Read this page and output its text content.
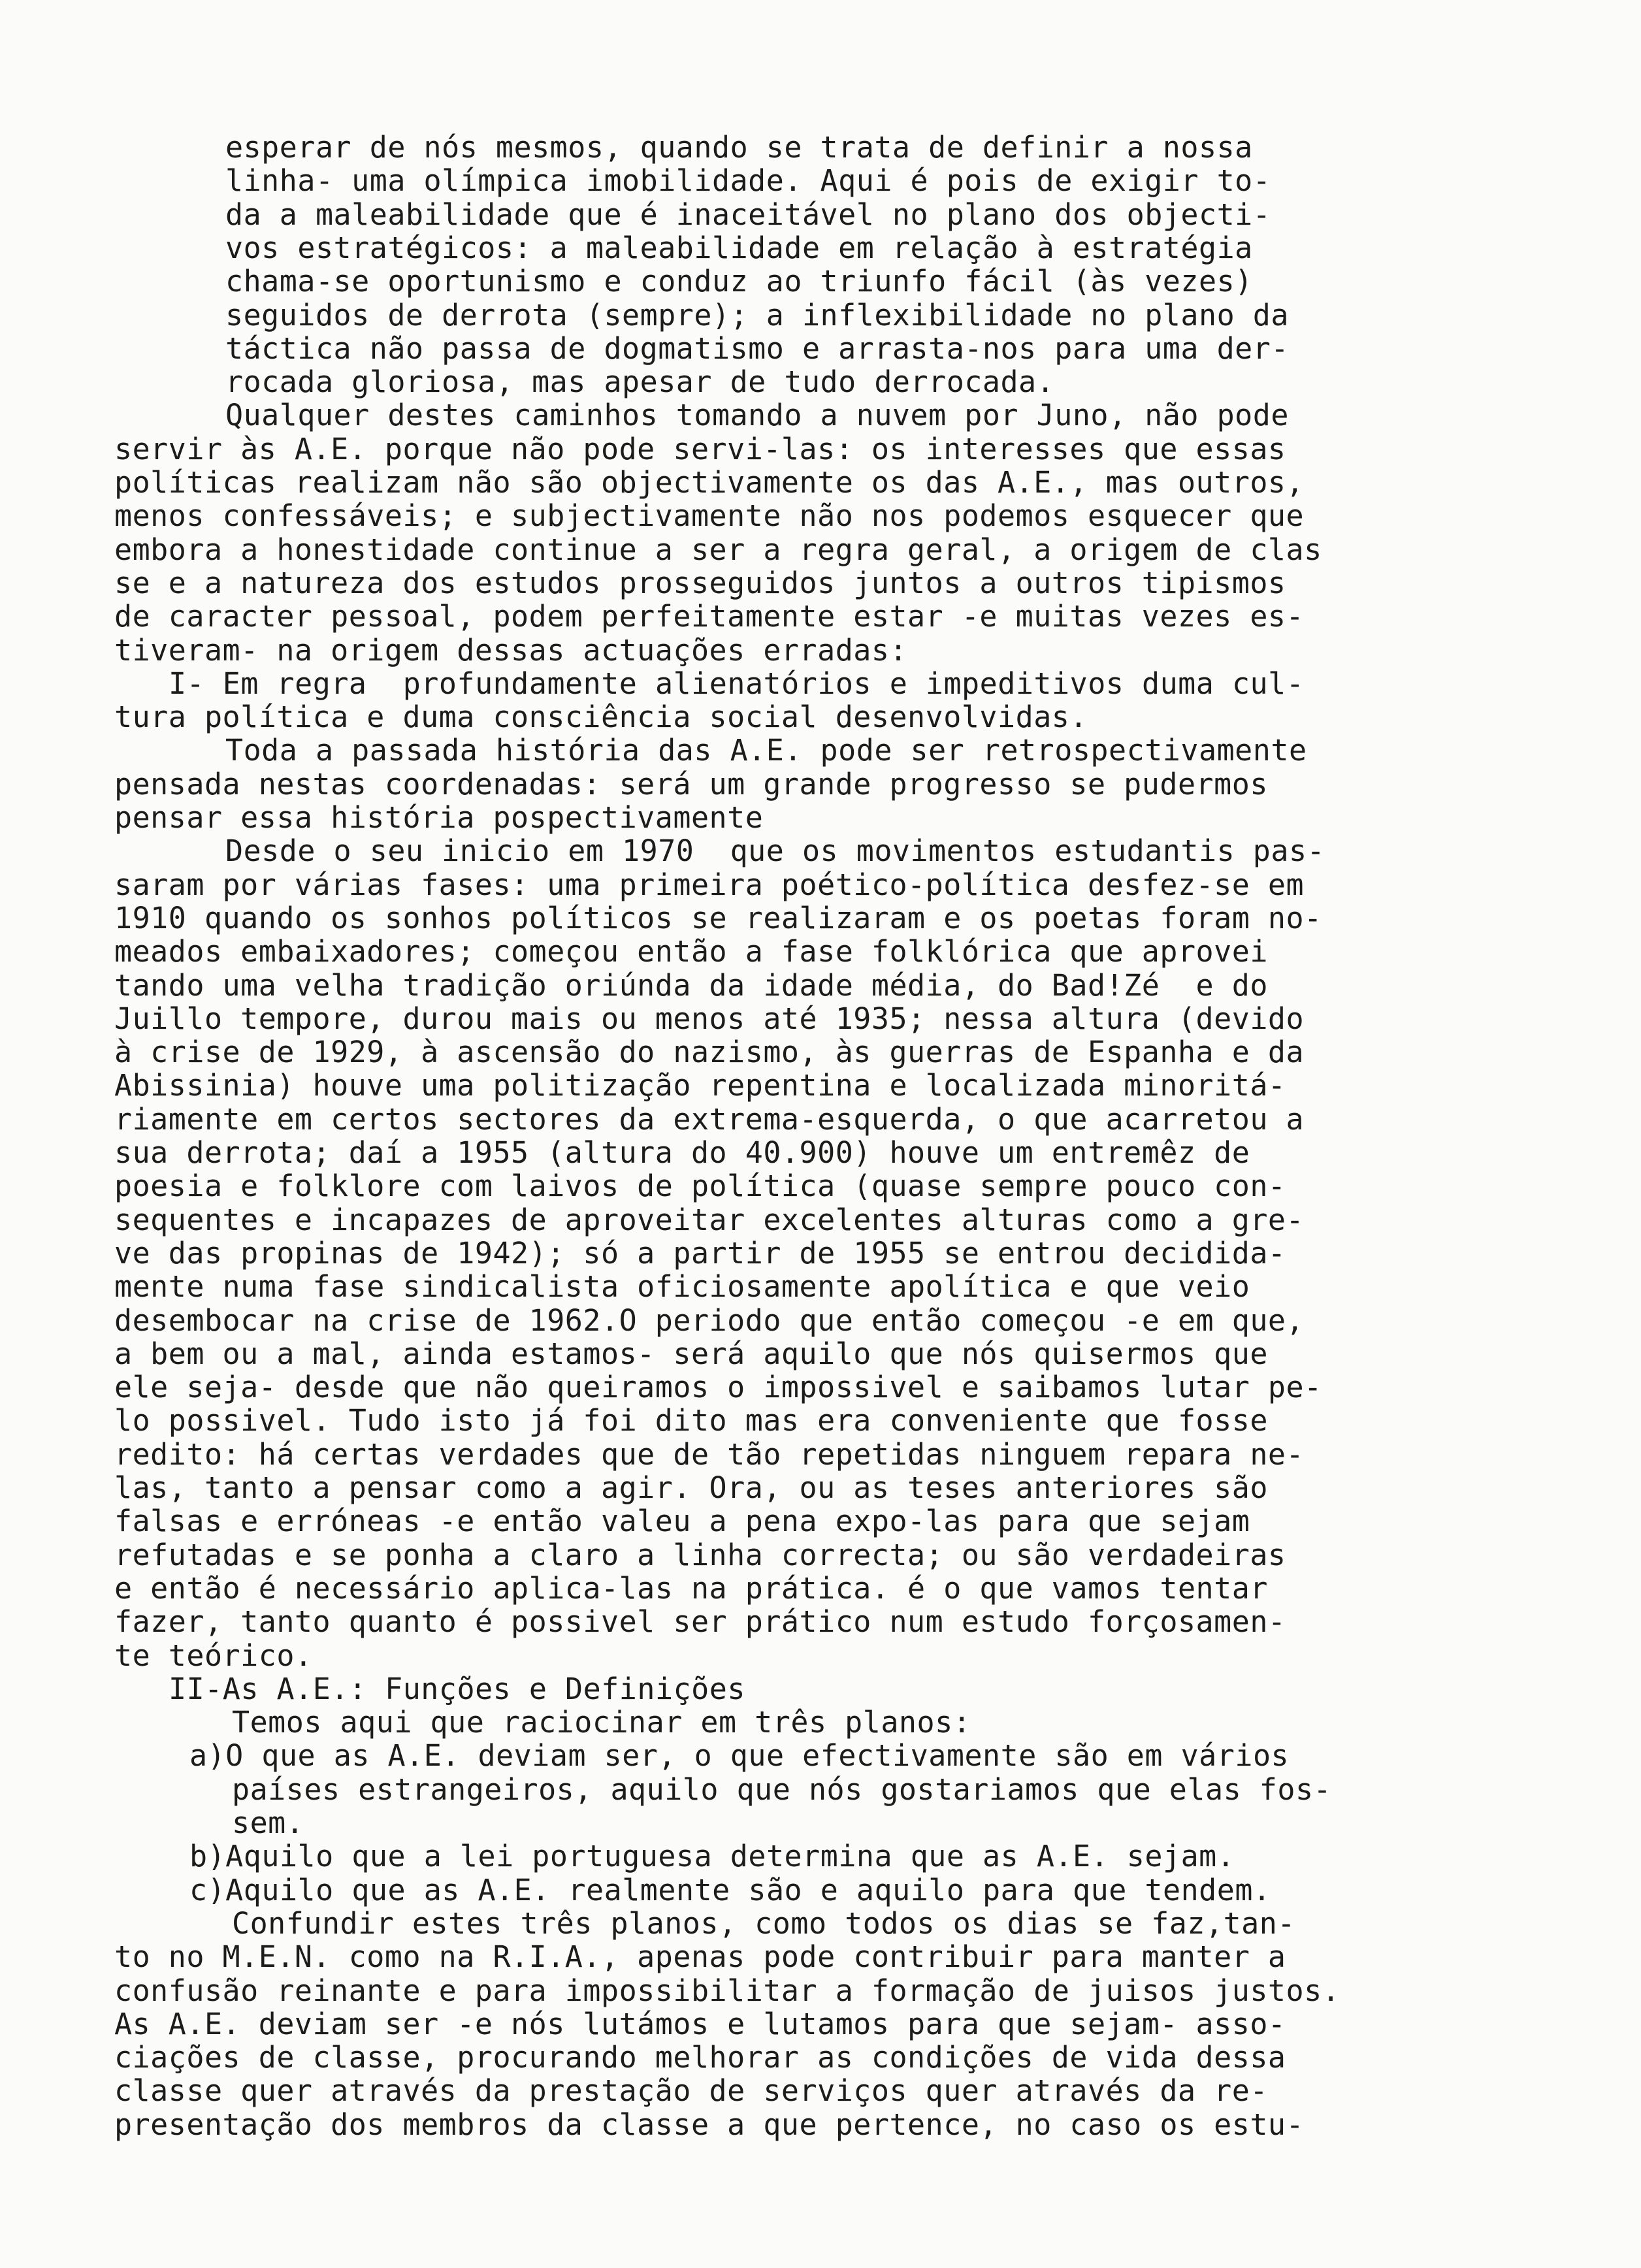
esperar de nós mesmos, quando se trata de definir a nossa
linha- uma olímpica imobilidade. Aqui é pois de exigir to-
da a maleabilidade que é inaceitável no plano dos objecti-
vos estratégicos: a maleabilidade em relação à estratégia
chama-se oportunismo e conduz ao triunfo fácil (às vezes)
seguidos de derrota (sempre); a inflexibilidade no plano da
táctica não passa de dogmatismo e arrasta-nos para uma der-
rocada gloriosa, mas apesar de tudo derrocada.
Qualquer destes caminhos tomando a nuvem por Juno, não pode
servir às A.E. porque não pode servi-las: os interesses que essas
políticas realizam não são objectivamente os das A.E., mas outros,
menos confessáveis; e subjectivamente não nos podemos esquecer que
embora a honestidade continue a ser a regra geral, a origem de clas
se e a natureza dos estudos prosseguidos juntos a outros tipismos
de caracter pessoal, podem perfeitamente estar -e muitas vezes es-
tiveram- na origem dessas actuações erradas:
I- Em regra  profundamente alienatórios e impeditivos duma cul-
tura política e duma consciência social desenvolvidas.
Toda a passada história das A.E. pode ser retrospectivamente
pensada nestas coordenadas: será um grande progresso se pudermos
pensar essa história pospectivamente
Desde o seu inicio em 1970  que os movimentos estudantis pas-
saram por várias fases: uma primeira poético-política desfez-se em
1910 quando os sonhos políticos se realizaram e os poetas foram no-
meados embaixadores; começou então a fase folklórica que aprovei
tando uma velha tradição oriúnda da idade média, do Bad!Zé  e do
Juillo tempore, durou mais ou menos até 1935; nessa altura (devido
à crise de 1929, à ascensão do nazismo, às guerras de Espanha e da
Abissinia) houve uma politização repentina e localizada minoritá-
riamente em certos sectores da extrema-esquerda, o que acarretou a
sua derrota; daí a 1955 (altura do 40.900) houve um entremêz de
poesia e folklore com laivos de política (quase sempre pouco con-
sequentes e incapazes de aproveitar excelentes alturas como a gre-
ve das propinas de 1942); só a partir de 1955 se entrou decidida-
mente numa fase sindicalista oficiosamente apolítica e que veio
desembocar na crise de 1962.O periodo que então começou -e em que,
a bem ou a mal, ainda estamos- será aquilo que nós quisermos que
ele seja- desde que não queiramos o impossivel e saibamos lutar pe-
lo possivel. Tudo isto já foi dito mas era conveniente que fosse
redito: há certas verdades que de tão repetidas ninguem repara ne-
las, tanto a pensar como a agir. Ora, ou as teses anteriores são
falsas e erróneas -e então valeu a pena expo-las para que sejam
refutadas e se ponha a claro a linha correcta; ou são verdadeiras
e então é necessário aplica-las na prática. é o que vamos tentar
fazer, tanto quanto é possivel ser prático num estudo forçosamen-
te teórico.
II-As A.E.: Funções e Definições
Temos aqui que raciocinar em três planos:
a)O que as A.E. deviam ser, o que efectivamente são em vários
países estrangeiros, aquilo que nós gostariamos que elas fos-
sem.
b)Aquilo que a lei portuguesa determina que as A.E. sejam.
c)Aquilo que as A.E. realmente são e aquilo para que tendem.
Confundir estes três planos, como todos os dias se faz,tan-
to no M.E.N. como na R.I.A., apenas pode contribuir para manter a
confusão reinante e para impossibilitar a formação de juisos justos.
As A.E. deviam ser -e nós lutámos e lutamos para que sejam- asso-
ciações de classe, procurando melhorar as condições de vida dessa
classe quer através da prestação de serviços quer através da re-
presentação dos membros da classe a que pertence, no caso os estu-
